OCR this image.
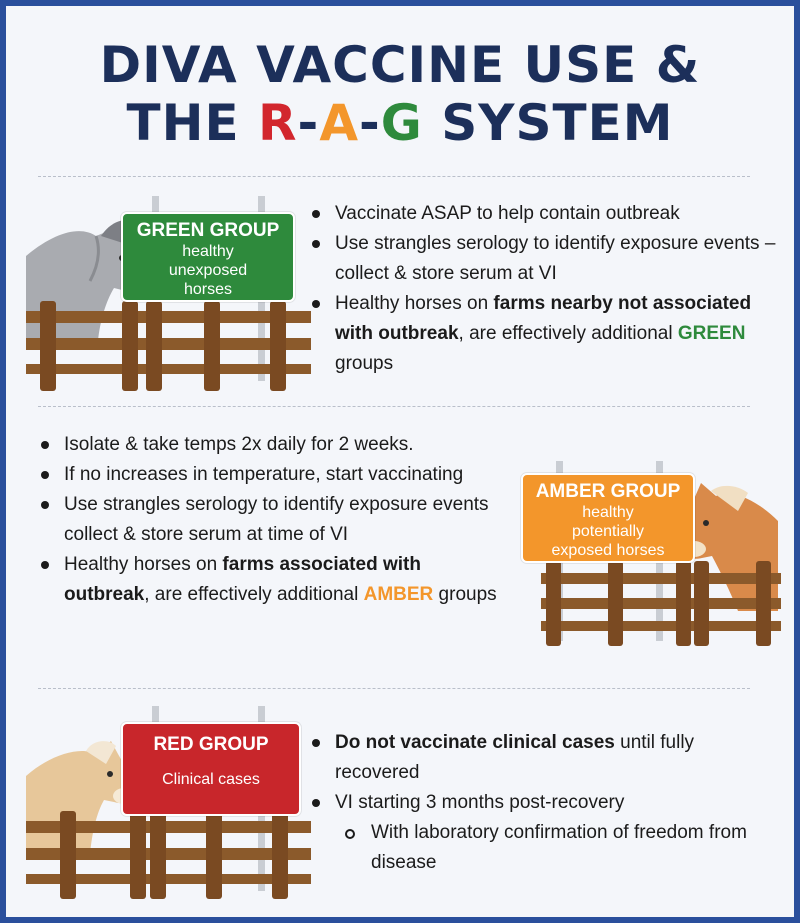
DIVA VACCINE USE &
THE R-A-G SYSTEM
GREEN GROUP
healthy
unexposed
horses
Vaccinate ASAP to help contain outbreak
Use strangles serology to identify exposure events – collect & store serum at VI
Healthy horses on farms nearby not associated with outbreak, are effectively additional GREEN groups
Isolate & take temps 2x daily for 2 weeks.
If no increases in temperature, start vaccinating
Use strangles serology to identify exposure events collect & store serum at time of VI
Healthy horses on farms associated with outbreak, are effectively additional AMBER groups
AMBER GROUP
healthy
potentially
exposed horses
RED GROUP
Clinical cases
Do not vaccinate clinical cases until fully recovered
VI starting 3 months post-recovery
With laboratory confirmation of freedom from disease
